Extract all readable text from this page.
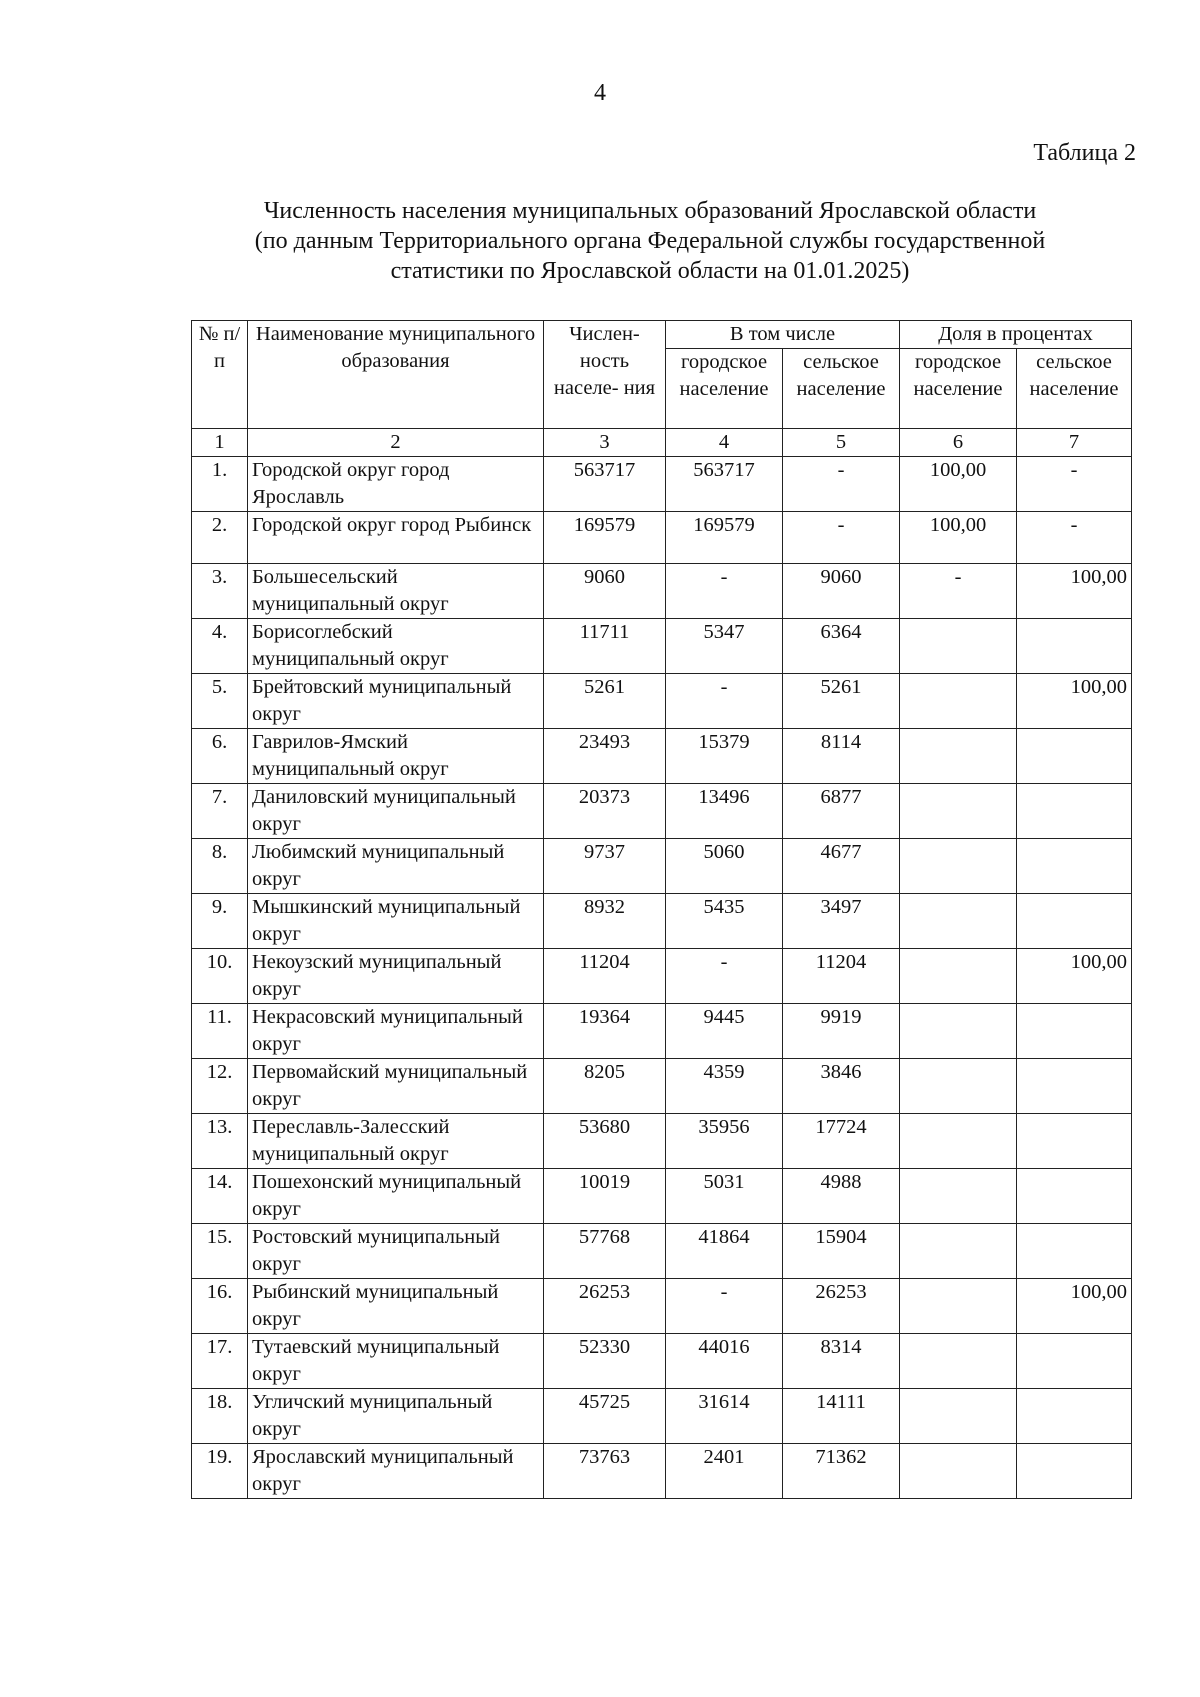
4
Таблица 2
Численность населения муниципальных образований Ярославской области
(по данным Территориального органа Федеральной службы государственной
статистики по Ярославской области на 01.01.2025)
№ п/п	Наименование муниципального образования	Числен- ность населе- ния	В том числе		Доля в процентах	
			городское население	сельское население	городское население	сельское население
1	2	3	4	5	6	7
1.	Городской округ город Ярославль	563717	563717	-	100,00	-
2.	Городской округ город Рыбинск	169579	169579	-	100,00	-
3.	Большесельский муниципальный округ	9060	-	9060	-	100,00
4.	Борисоглебский муниципальный округ	11711	5347	6364		
5.	Брейтовский муниципальный округ	5261	-	5261		100,00
6.	Гаврилов-Ямский муниципальный округ	23493	15379	8114		
7.	Даниловский муниципальный округ	20373	13496	6877		
8.	Любимский муниципальный округ	9737	5060	4677		
9.	Мышкинский муниципальный округ	8932	5435	3497		
10.	Некоузский муниципальный округ	11204	-	11204		100,00
11.	Некрасовский муниципальный округ	19364	9445	9919		
12.	Первомайский муниципальный округ	8205	4359	3846		
13.	Переславль-Залесский муниципальный округ	53680	35956	17724		
14.	Пошехонский муниципальный округ	10019	5031	4988		
15.	Ростовский муниципальный округ	57768	41864	15904		
16.	Рыбинский муниципальный округ	26253	-	26253		100,00
17.	Тутаевский муниципальный округ	52330	44016	8314		
18.	Угличский муниципальный округ	45725	31614	14111		
19.	Ярославский муниципальный округ	73763	2401	71362		
